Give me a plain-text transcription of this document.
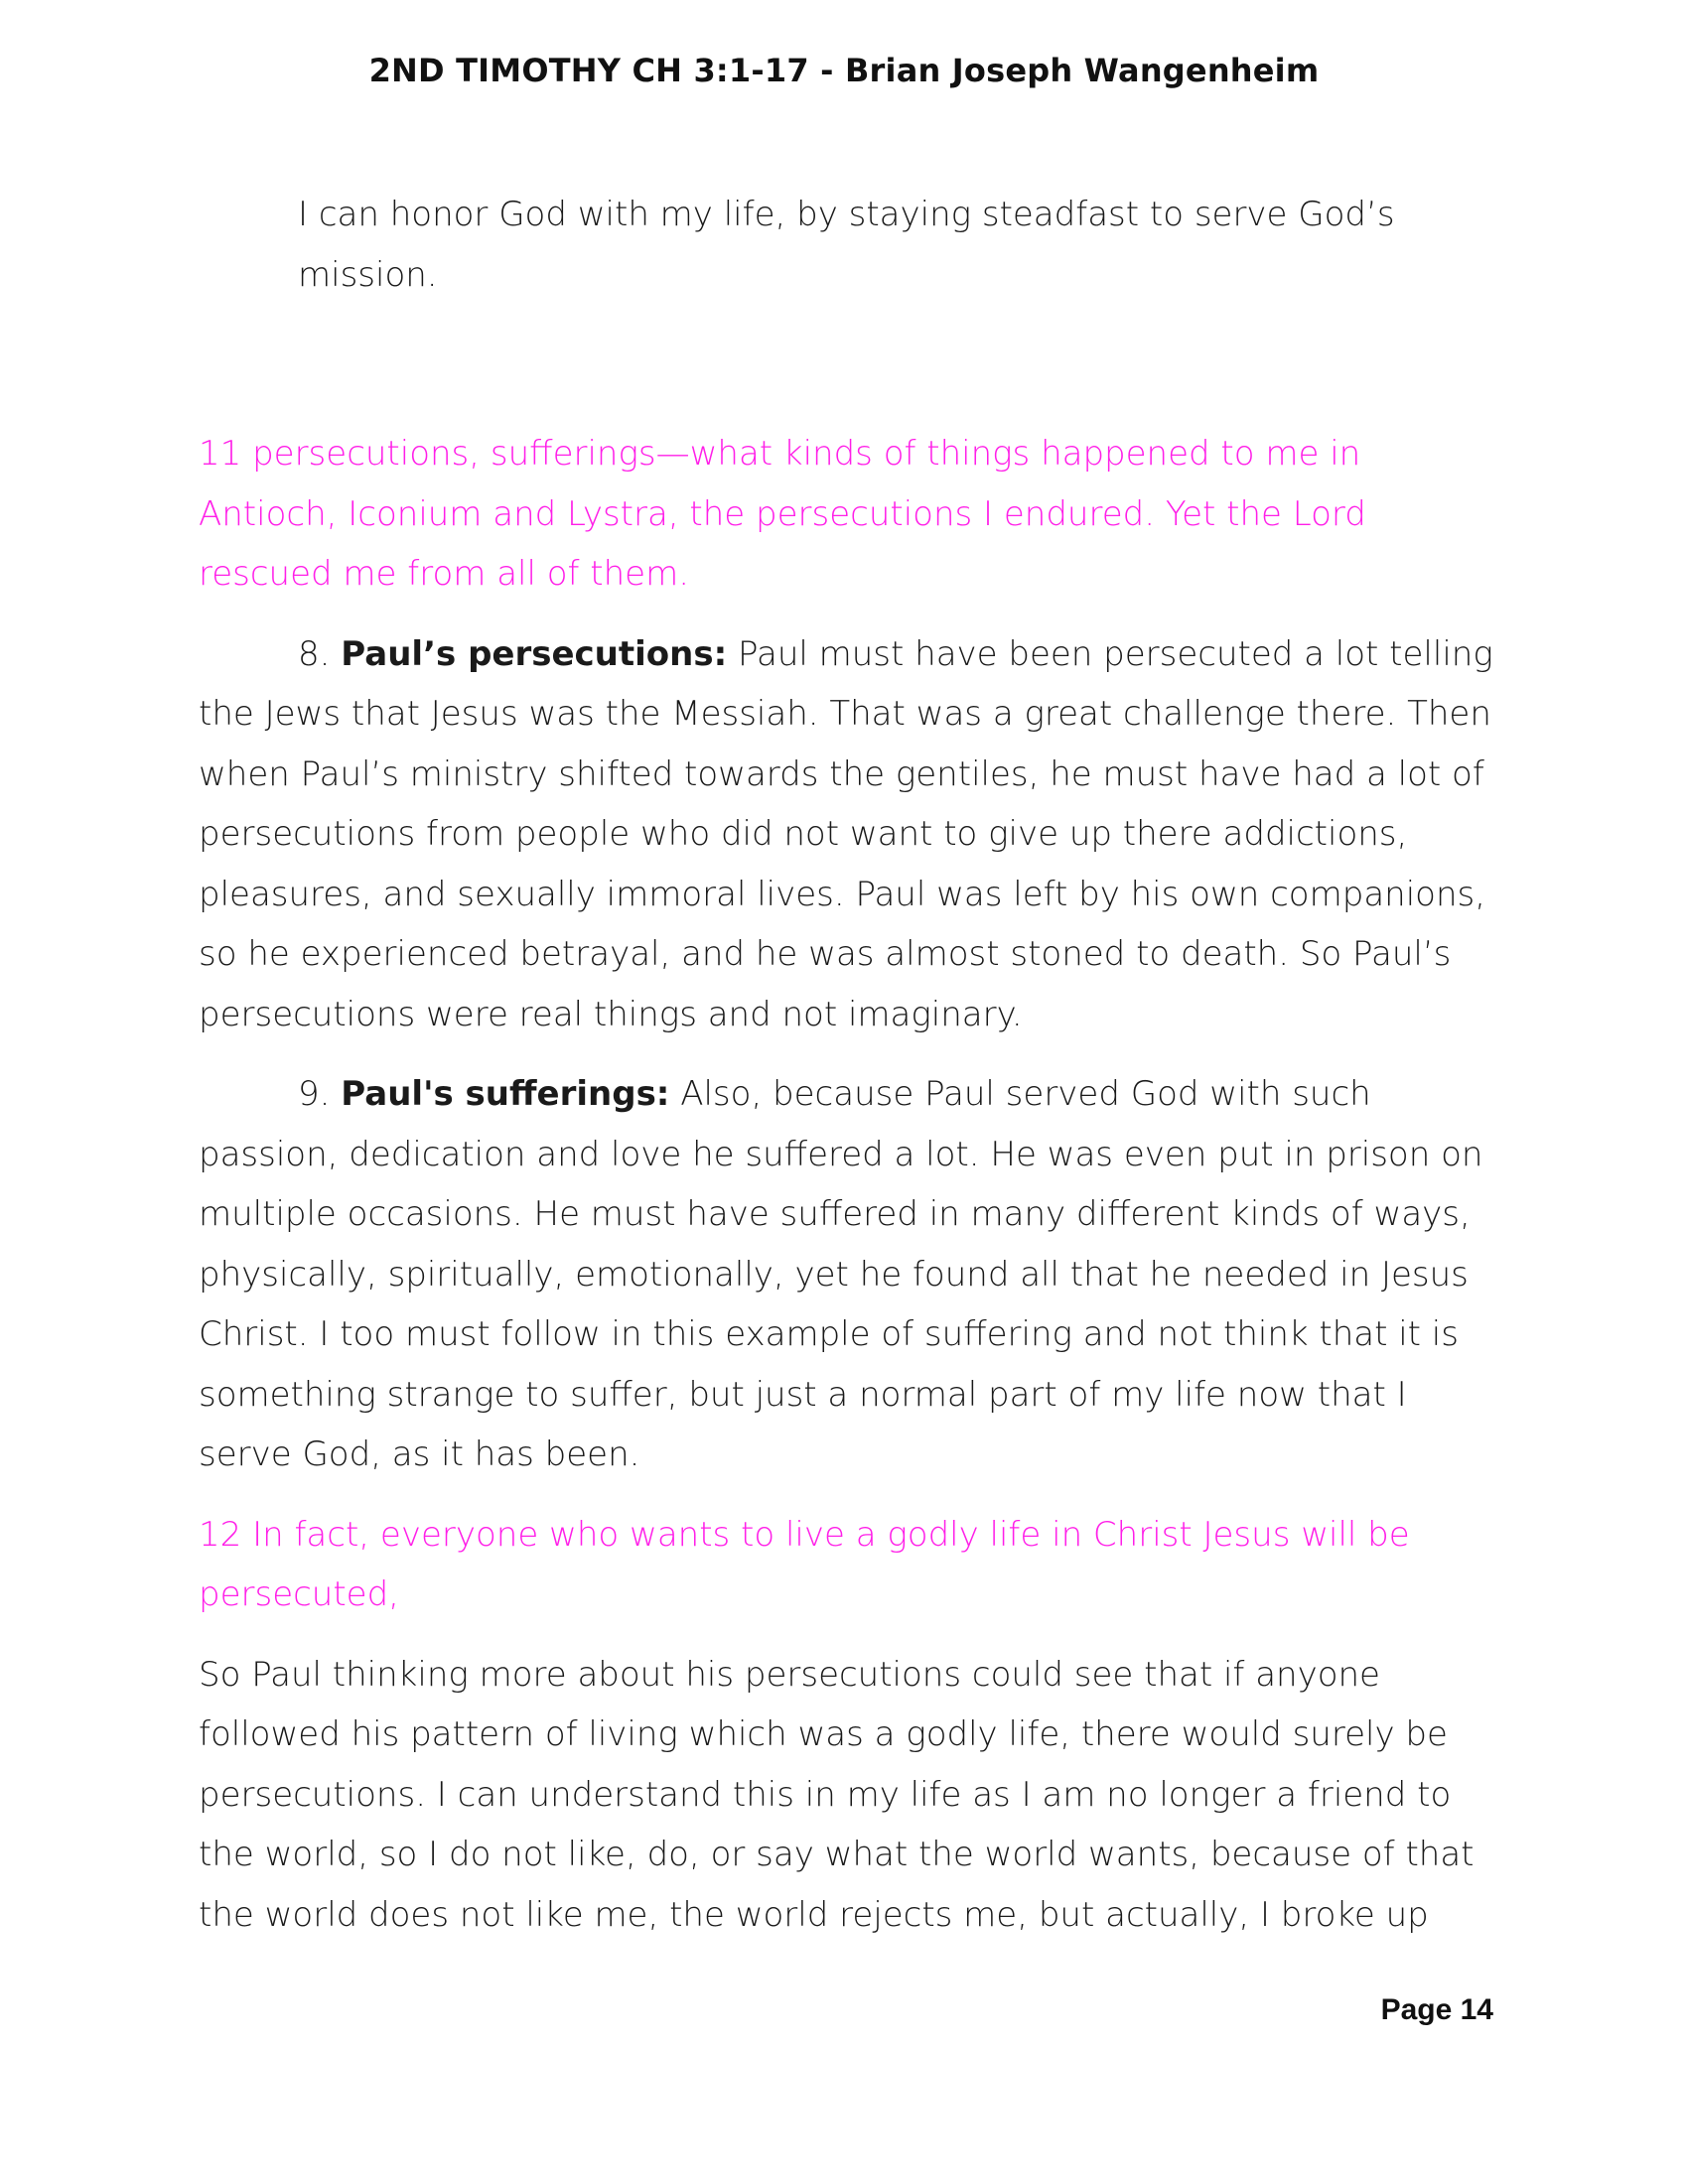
2ND TIMOTHY CH 3:1-17 - Brian Joseph Wangenheim

I can honor God with my life, by staying steadfast to serve God’s mission.

11 persecutions, sufferings—what kinds of things happened to me in Antioch, Iconium and Lystra, the persecutions I endured. Yet the Lord rescued me from all of them.

8. Paul’s persecutions: Paul must have been persecuted a lot telling the Jews that Jesus was the Messiah. That was a great challenge there. Then when Paul’s ministry shifted towards the gentiles, he must have had a lot of persecutions from people who did not want to give up there addictions, pleasures, and sexually immoral lives. Paul was left by his own companions, so he experienced betrayal, and he was almost stoned to death. So Paul’s persecutions were real things and not imaginary.

9. Paul's sufferings: Also, because Paul served God with such passion, dedication and love he suffered a lot. He was even put in prison on multiple occasions. He must have suffered in many different kinds of ways, physically, spiritually, emotionally, yet he found all that he needed in Jesus Christ. I too must follow in this example of suffering and not think that it is something strange to suffer, but just a normal part of my life now that I serve God, as it has been.

12 In fact, everyone who wants to live a godly life in Christ Jesus will be persecuted,

So Paul thinking more about his persecutions could see that if anyone followed his pattern of living which was a godly life, there would surely be persecutions. I can understand this in my life as I am no longer a friend to the world, so I do not like, do, or say what the world wants, because of that the world does not like me, the world rejects me, but actually, I broke up

Page 14
